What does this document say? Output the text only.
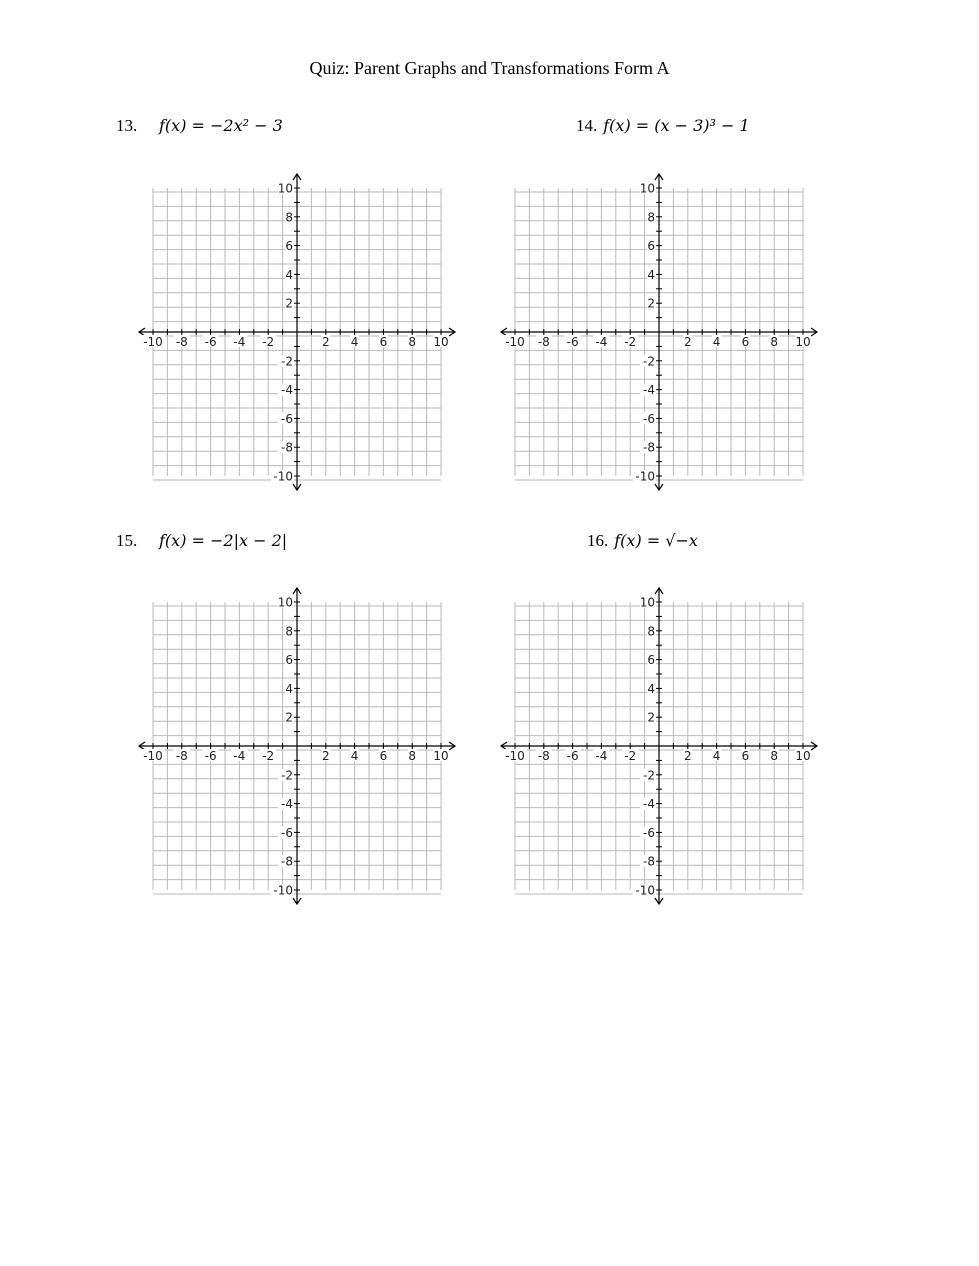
Quiz: Parent Graphs and Transformations Form A
13. f(x) = −2x² − 3	14. f(x) = (x − 3)³ − 1
15. f(x) = −2|x − 2|	16. f(x) = √−x
-10 -8 -6 -4 -2	2 4 6 8 10
10
8
6
4
2
-2
-4
-6
-8
-10
-10 -8 -6 -4 -2	2 4 6 8 10
10
8
6
4
2
-2
-4
-6
-8
-10
-10 -8 -6 -4 -2	2 4 6 8 10
10
8
6
4
2
-2
-4
-6
-8
-10
-10 -8 -6 -4 -2	2 4 6 8 10
10
8
6
4
2
-2
-4
-6
-8
-10
